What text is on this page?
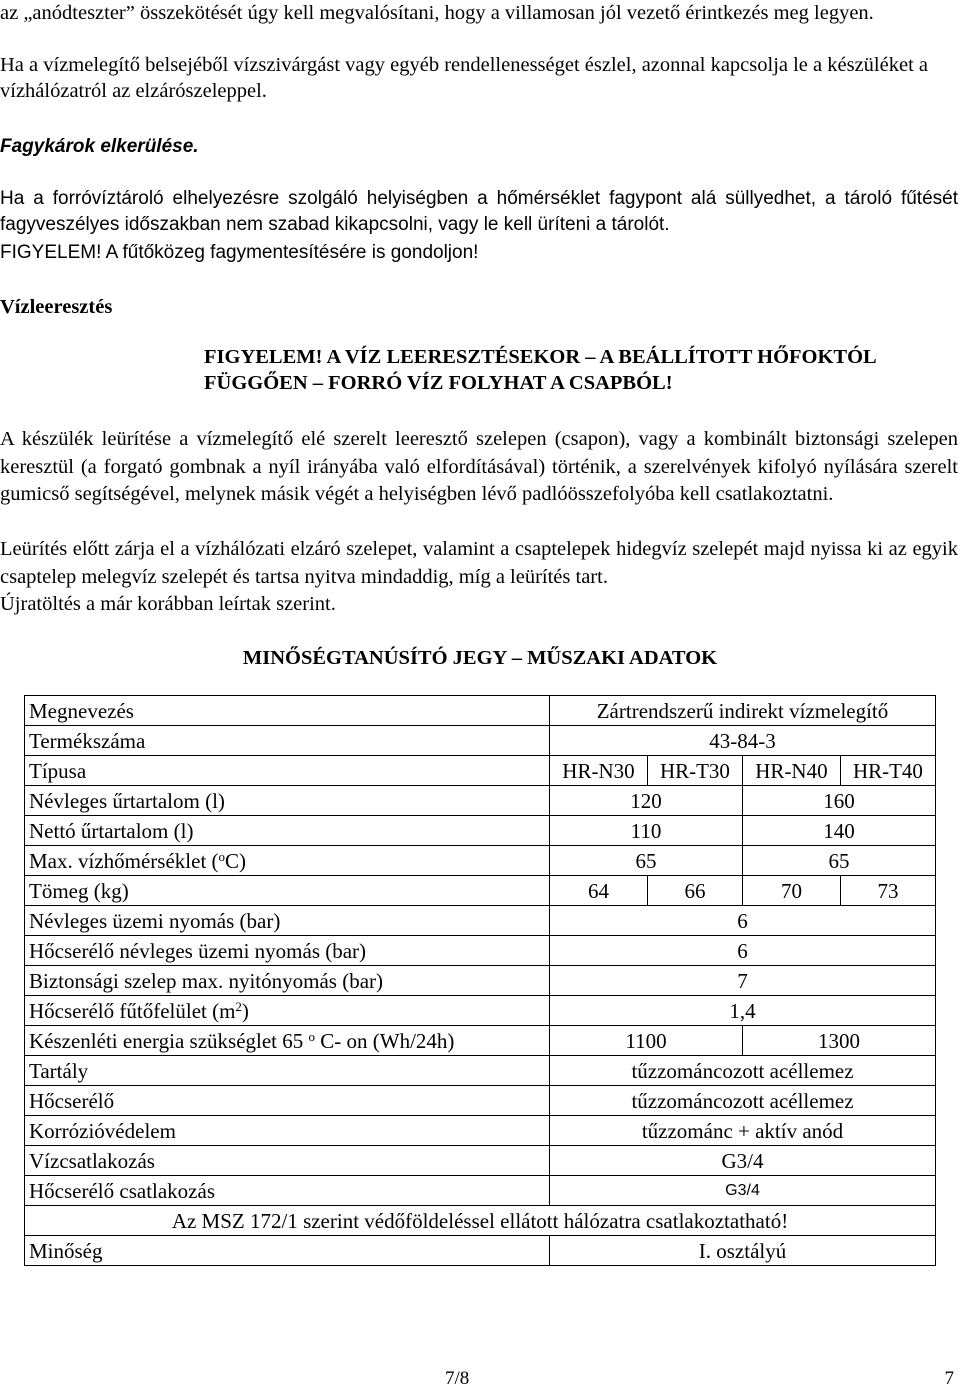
az „anódteszter” összekötését úgy kell megvalósítani, hogy a villamosan jól vezető érintkezés meg legyen.

Ha a vízmelegítő belsejéből vízszivárgást vagy egyéb rendellenességet észlel, azonnal kapcsolja le a készüléket a vízhálózatról az elzárószeleppel.

Fagykárok elkerülése.

Ha a forróvíztároló elhelyezésre szolgáló helyiségben a hőmérséklet fagypont alá süllyedhet, a tároló fűtését fagyveszélyes időszakban nem szabad kikapcsolni, vagy le kell üríteni a tárolót.

FIGYELEM! A fűtőközeg fagymentesítésére is gondoljon!

Vízleeresztés

FIGYELEM! A VÍZ LEERESZTÉSEKOR – A BEÁLLÍTOTT HŐFOKTÓL

FÜGGŐEN – FORRÓ VÍZ FOLYHAT A CSAPBÓL!

A készülék leürítése a vízmelegítő elé szerelt leeresztő szelepen (csapon), vagy a kombinált biztonsági szelepen keresztül (a forgató gombnak a nyíl irányába való elfordításával) történik, a szerelvények kifolyó nyílására szerelt gumicső segítségével, melynek másik végét a helyiségben lévő padlóösszefolyóba kell csatlakoztatni.

Leürítés előtt zárja el a vízhálózati elzáró szelepet, valamint a csaptelepek hidegvíz szelepét majd nyissa ki az egyik csaptelep melegvíz szelepét és tartsa nyitva mindaddig, míg a leürítés tart.

Újratöltés a már korábban leírtak szerint.

MINŐSÉGTANÚSÍTÓ JEGY – MŰSZAKI ADATOK

Megnevezés	Zártrendszerű indirekt vízmelegítő			
Termékszáma	43-84-3			
Típusa	HR-N30	HR-T30	HR-N40	HR-T40
Névleges űrtartalom (l)	120		160	
Nettó űrtartalom (l)	110		140	
Max. vízhőmérséklet ($^o$C)	65		65	
Tömeg (kg)	64	66	70	73
Névleges üzemi nyomás (bar)	6			
Hőcserélő névleges üzemi nyomás (bar)	6			
Biztonsági szelep max. nyitónyomás (bar)	7			
Hőcserélő fűtőfelület $(m^2)$	1,4			
Készenléti energia szükséglet 65 $^o$ C- on (Wh/24h)	1100		1300	
Tartály	tűzzománcozott acéllemez			
Hőcserélő	tűzzománcozott acéllemez			
Korrózióvédelem	tűzzománc + aktív anód			
Vízcsatlakozás	G3/4			
Hőcserélő csatlakozás	G3/4			
Az MSZ 172/1 szerint védőföldeléssel ellátott hálózatra csatlakoztatható!				
Minőség	I. osztályú			
7/8	7
